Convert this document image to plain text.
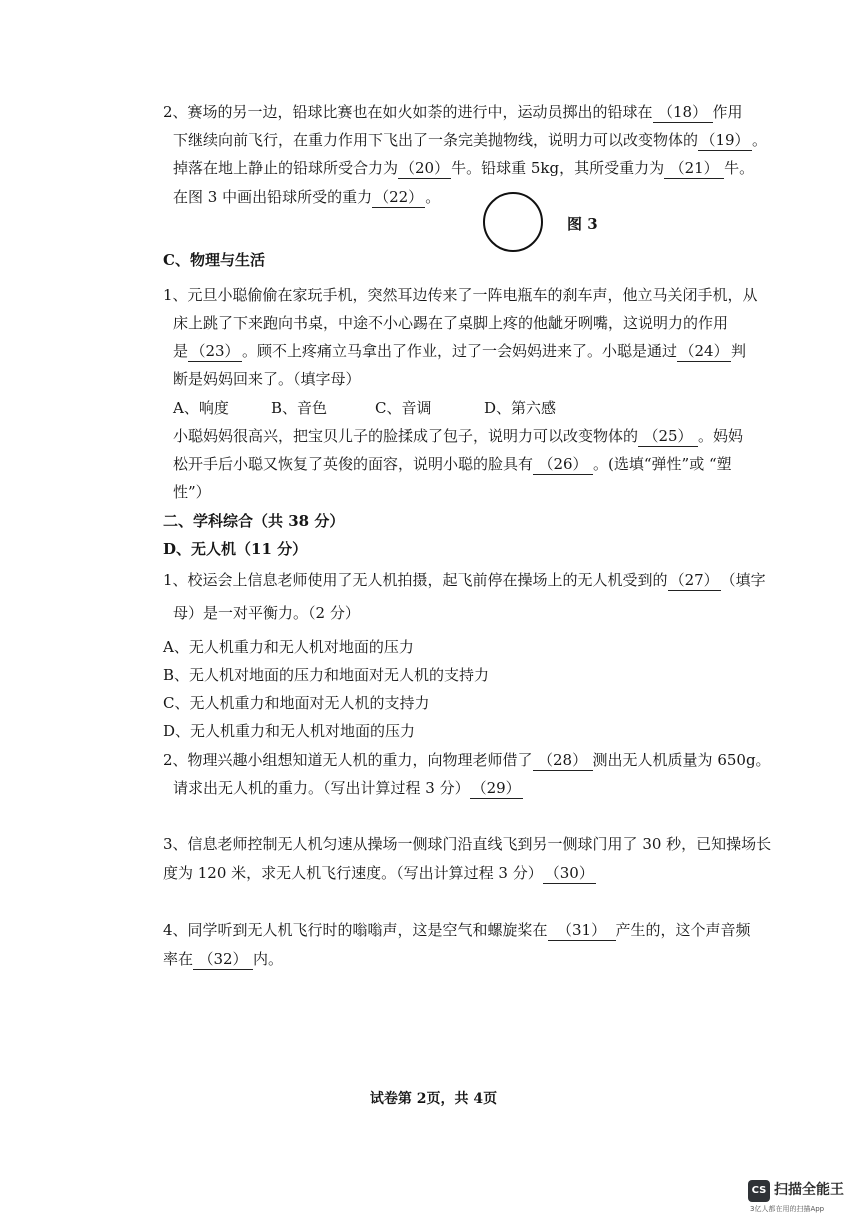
2、赛场的另一边，铅球比赛也在如火如荼的进行中，运动员掷出的铅球在 （18） 作用
下继续向前飞行，在重力作用下飞出了一条完美抛物线，说明力可以改变物体的 （19） 。
掉落在地上静止的铅球所受合力为 （20） 牛。铅球重 5kg，其所受重力为 （21） 牛。
在图 3 中画出铅球所受的重力 （22） 。
图 3
C、物理与生活
1、元旦小聪偷偷在家玩手机，突然耳边传来了一阵电瓶车的刹车声，他立马关闭手机，从
床上跳了下来跑向书桌，中途不小心踢在了桌脚上疼的他龇牙咧嘴，这说明力的作用
是 （23） 。顾不上疼痛立马拿出了作业，过了一会妈妈进来了。小聪是通过 （24） 判
断是妈妈回来了。（填字母）
A、响度	B、音色	C、音调	D、第六感
小聪妈妈很高兴，把宝贝儿子的脸揉成了包子，说明力可以改变物体的 （25） 。妈妈
松开手后小聪又恢复了英俊的面容，说明小聪的脸具有 （26） 。(选填“弹性”或 “塑
性”）
二、学科综合（共 38 分）
D、无人机（11 分）
1、校运会上信息老师使用了无人机拍摄，起飞前停在操场上的无人机受到的 （27） （填字
母）是一对平衡力。（2 分）
A、无人机重力和无人机对地面的压力
B、无人机对地面的压力和地面对无人机的支持力
C、无人机重力和地面对无人机的支持力
D、无人机重力和无人机对地面的压力
2、物理兴趣小组想知道无人机的重力，向物理老师借了 （28） 测出无人机质量为 650g。
请求出无人机的重力。（写出计算过程 3 分） （29）
3、信息老师控制无人机匀速从操场一侧球门沿直线飞到另一侧球门用了 30 秒，已知操场长
度为 120 米，求无人机飞行速度。（写出计算过程 3 分） （30）
4、同学听到无人机飞行时的嗡嗡声，这是空气和螺旋桨在 （31） 产生的，这个声音频
率在 （32） 内。
试卷第 2页，共 4页
CS 扫描全能王
3亿人都在用的扫描App
